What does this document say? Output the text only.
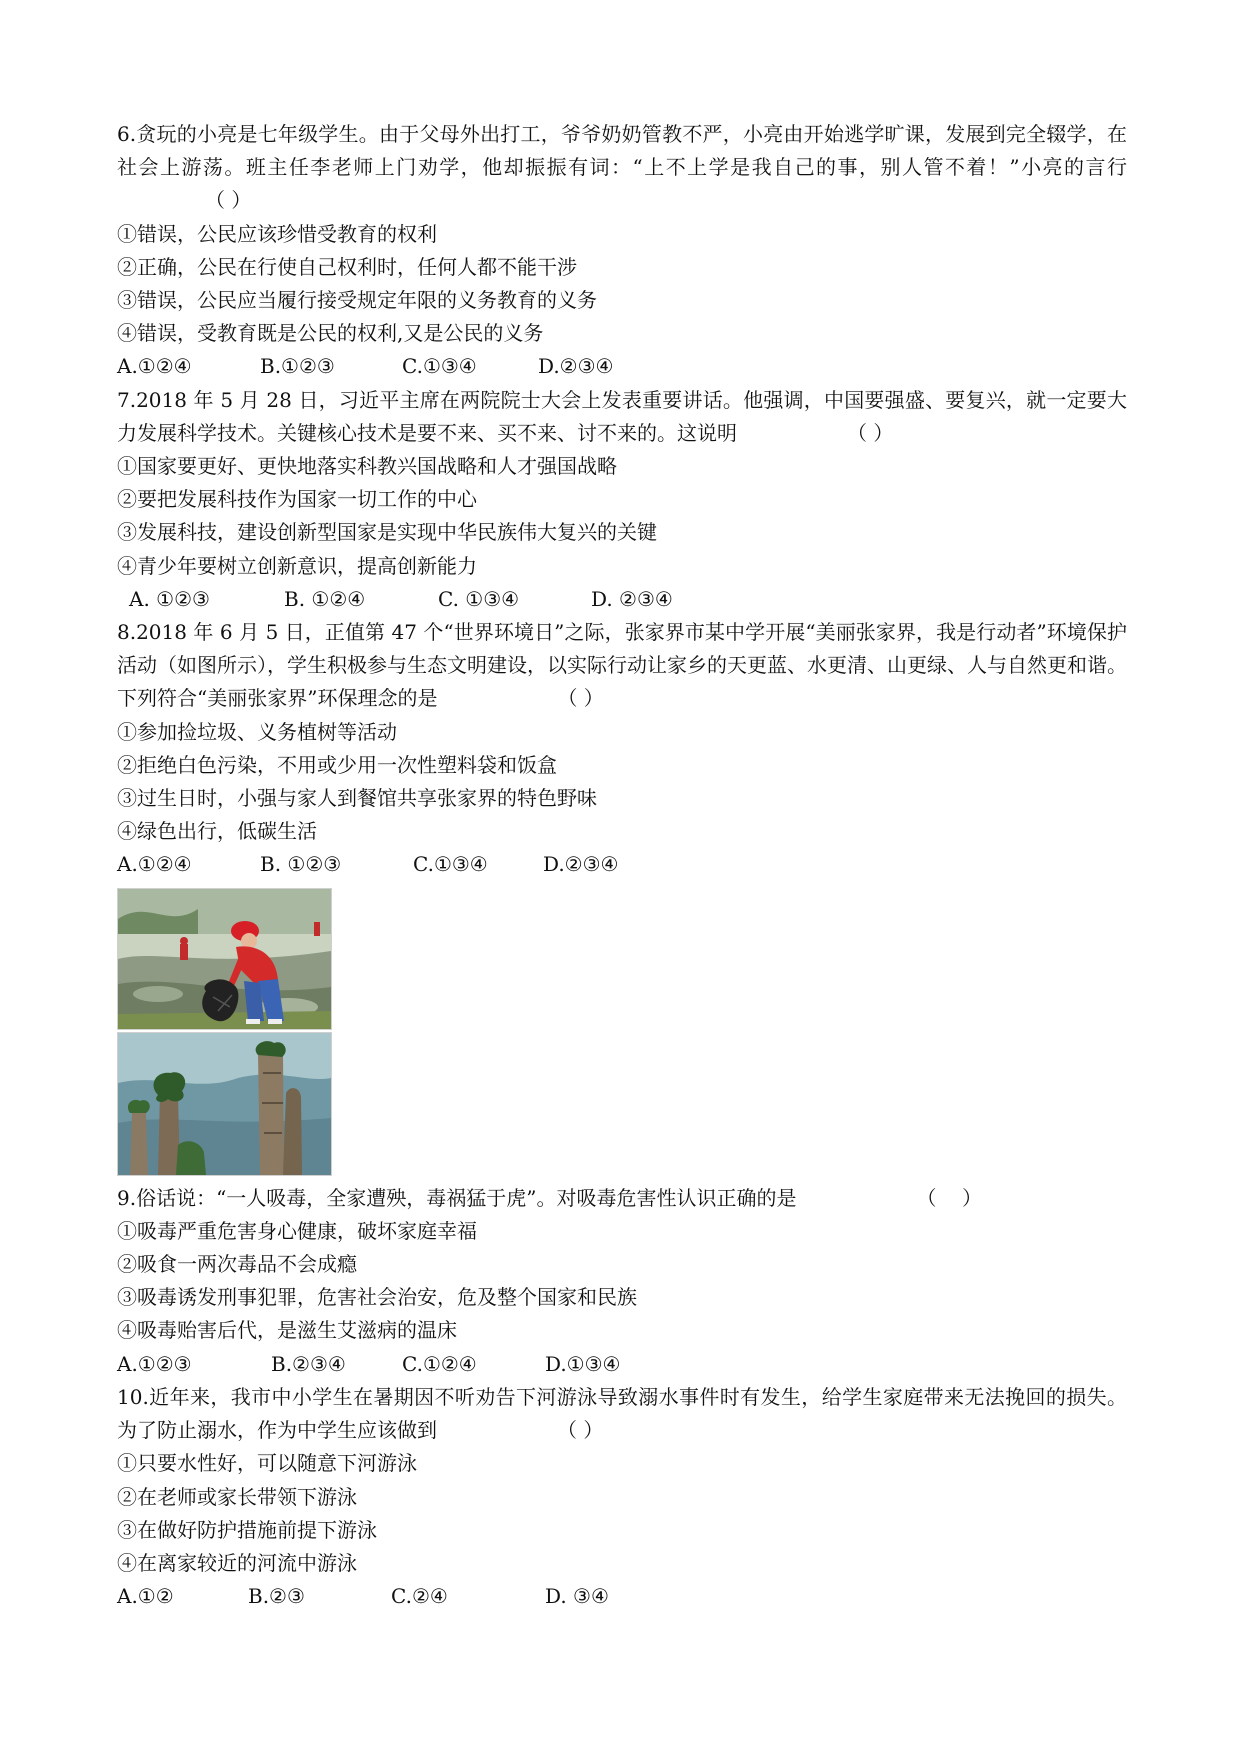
6.贪玩的小亮是七年级学生。由于父母外出打工，爷爷奶奶管教不严，小亮由开始逃学旷课，发展到完全辍学，在社会上游荡。班主任李老师上门劝学，他却振振有词：“上不上学是我自己的事，别人管不着！”小亮的言行（ ）

①错误，公民应该珍惜受教育的权利

②正确，公民在行使自己权利时，任何人都不能干涉

③错误，公民应当履行接受规定年限的义务教育的义务

④错误，受教育既是公民的权利,又是公民的义务

A.①②④	B.①②③	C.①③④	D.②③④

7.2018 年 5 月 28 日，习近平主席在两院院士大会上发表重要讲话。他强调，中国要强盛、要复兴，就一定要大力发展科学技术。关键核心技术是要不来、买不来、讨不来的。这说明	（ ）

①国家要更好、更快地落实科教兴国战略和人才强国战略

②要把发展科技作为国家一切工作的中心

③发展科技，建设创新型国家是实现中华民族伟大复兴的关键

④青少年要树立创新意识，提高创新能力

A. ①②③	B. ①②④	C. ①③④	D. ②③④

8.2018 年 6 月 5 日，正值第 47 个“世界环境日”之际，张家界市某中学开展“美丽张家界，我是行动者”环境保护活动（如图所示），学生积极参与生态文明建设，以实际行动让家乡的天更蓝、水更清、山更绿、人与自然更和谐。下列符合“美丽张家界”环保理念的是	（ ）

①参加捡垃圾、义务植树等活动

②拒绝白色污染，不用或少用一次性塑料袋和饭盒

③过生日时，小强与家人到餐馆共享张家界的特色野味

④绿色出行，低碳生活

A.①②④	B. ①②③	C.①③④	D.②③④

9.俗话说：“一人吸毒，全家遭殃，毒祸猛于虎”。对吸毒危害性认识正确的是	（    ）

①吸毒严重危害身心健康，破坏家庭幸福

②吸食一两次毒品不会成瘾

③吸毒诱发刑事犯罪，危害社会治安，危及整个国家和民族

④吸毒贻害后代，是滋生艾滋病的温床

A.①②③	B.②③④	C.①②④	D.①③④

10.近年来，我市中小学生在暑期因不听劝告下河游泳导致溺水事件时有发生，给学生家庭带来无法挽回的损失。为了防止溺水，作为中学生应该做到	（ ）

①只要水性好，可以随意下河游泳

②在老师或家长带领下游泳

③在做好防护措施前提下游泳

④在离家较近的河流中游泳

A.①②	B.②③	C.②④	D. ③④
